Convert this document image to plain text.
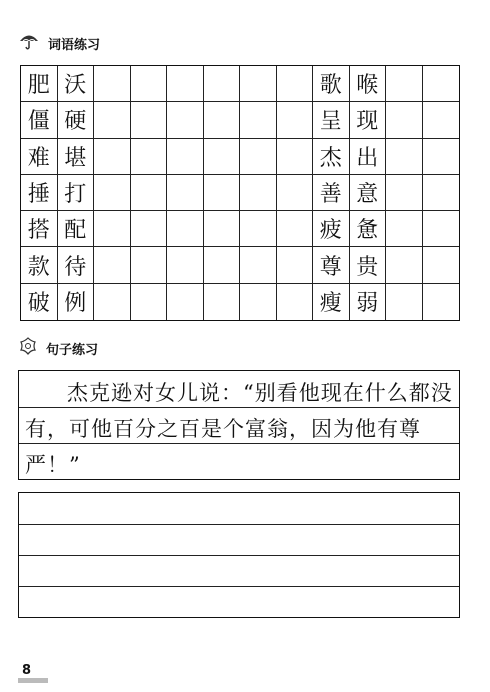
词语练习
肥 沃	歌 喉
僵 硬	呈 现
难 堪	杰 出
捶 打	善 意
搭 配	疲 惫
款 待	尊 贵
破 例	瘦 弱
句子练习
杰克逊对女儿说：“别看他现在什么都没有，可他百分之百是个富翁，因为他有尊严！”
8
